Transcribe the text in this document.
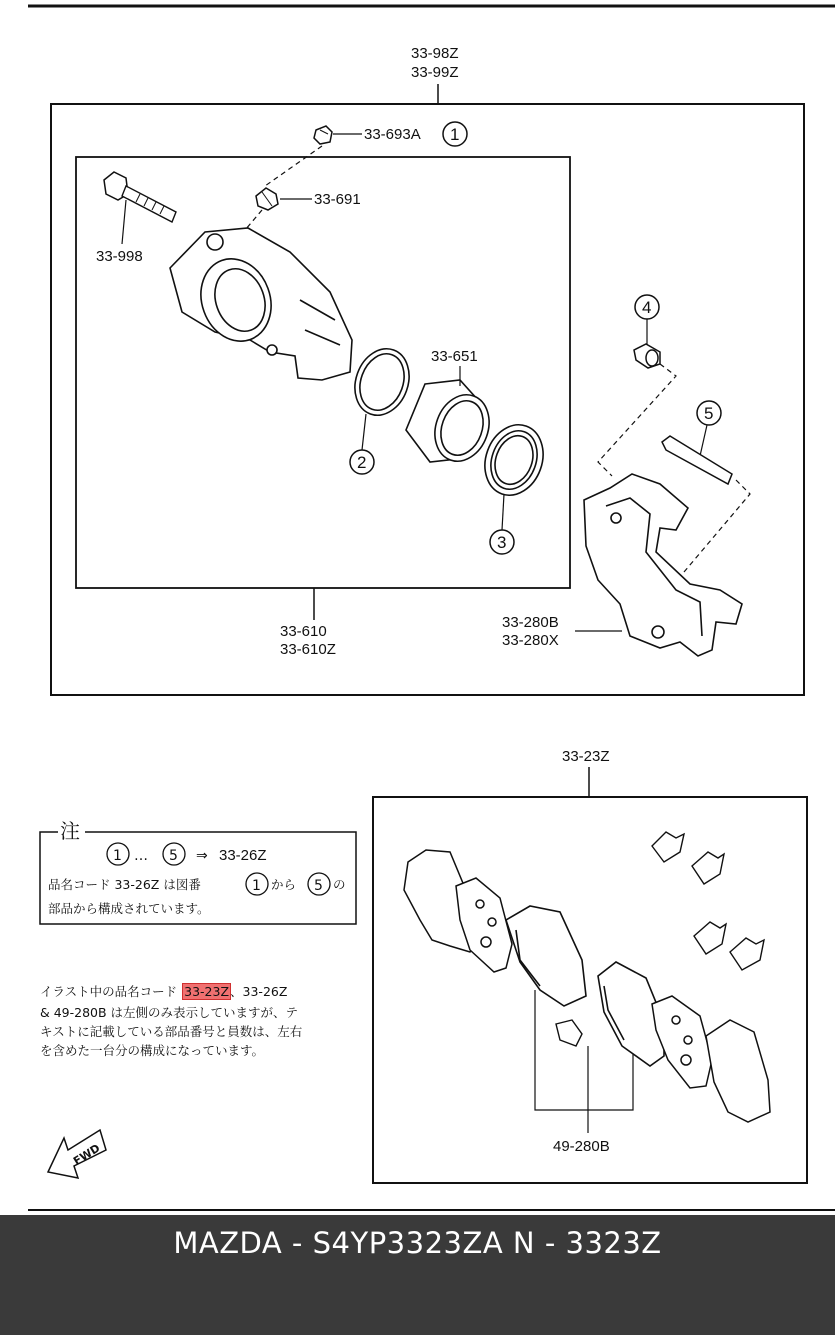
33-98Z
33-99Z
33-610
33-610Z
33-693A 1
33-691
33-998
33-651
2
3
4
5
33-280B
33-280X
33-23Z
49-280B
FWD
注
1 … 5 ⇒ 33-26Z
1	5
品名コード 33-26Z は図番	から	の
部品から構成されています。
イラスト中の品名コード 33-23Z、33-26Z
& 49-280B は左側のみ表示していますが、テ
キストに記載している部品番号と員数は、左右
を含めた一台分の構成になっています。
MAZDA - S4YP3323ZA N - 3323Z
